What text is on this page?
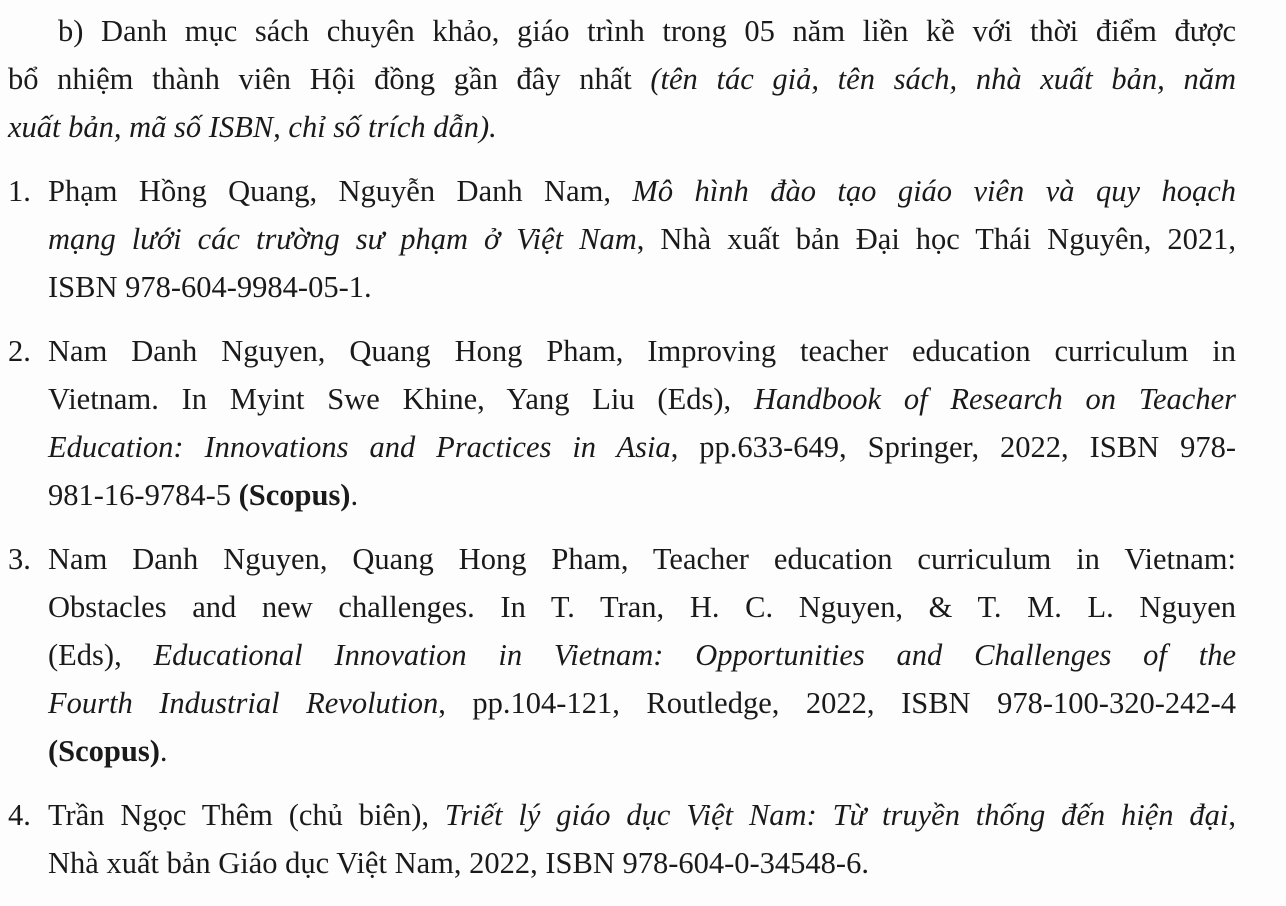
b) Danh mục sách chuyên khảo, giáo trình trong 05 năm liền kề với thời điểm được
bổ nhiệm thành viên Hội đồng gần đây nhất (tên tác giả, tên sách, nhà xuất bản, năm
xuất bản, mã số ISBN, chỉ số trích dẫn).
1. Phạm Hồng Quang, Nguyễn Danh Nam, Mô hình đào tạo giáo viên và quy hoạch
mạng lưới các trường sư phạm ở Việt Nam, Nhà xuất bản Đại học Thái Nguyên, 2021,
ISBN 978-604-9984-05-1.
2. Nam Danh Nguyen, Quang Hong Pham, Improving teacher education curriculum in
Vietnam. In Myint Swe Khine, Yang Liu (Eds), Handbook of Research on Teacher
Education: Innovations and Practices in Asia, pp.633-649, Springer, 2022, ISBN 978-
981-16-9784-5 (Scopus).
3. Nam Danh Nguyen, Quang Hong Pham, Teacher education curriculum in Vietnam:
Obstacles and new challenges. In T. Tran, H. C. Nguyen, & T. M. L. Nguyen
(Eds), Educational Innovation in Vietnam: Opportunities and Challenges of the
Fourth Industrial Revolution, pp.104-121, Routledge, 2022, ISBN 978-100-320-242-4
(Scopus).
4. Trần Ngọc Thêm (chủ biên), Triết lý giáo dục Việt Nam: Từ truyền thống đến hiện đại,
Nhà xuất bản Giáo dục Việt Nam, 2022, ISBN 978-604-0-34548-6.
